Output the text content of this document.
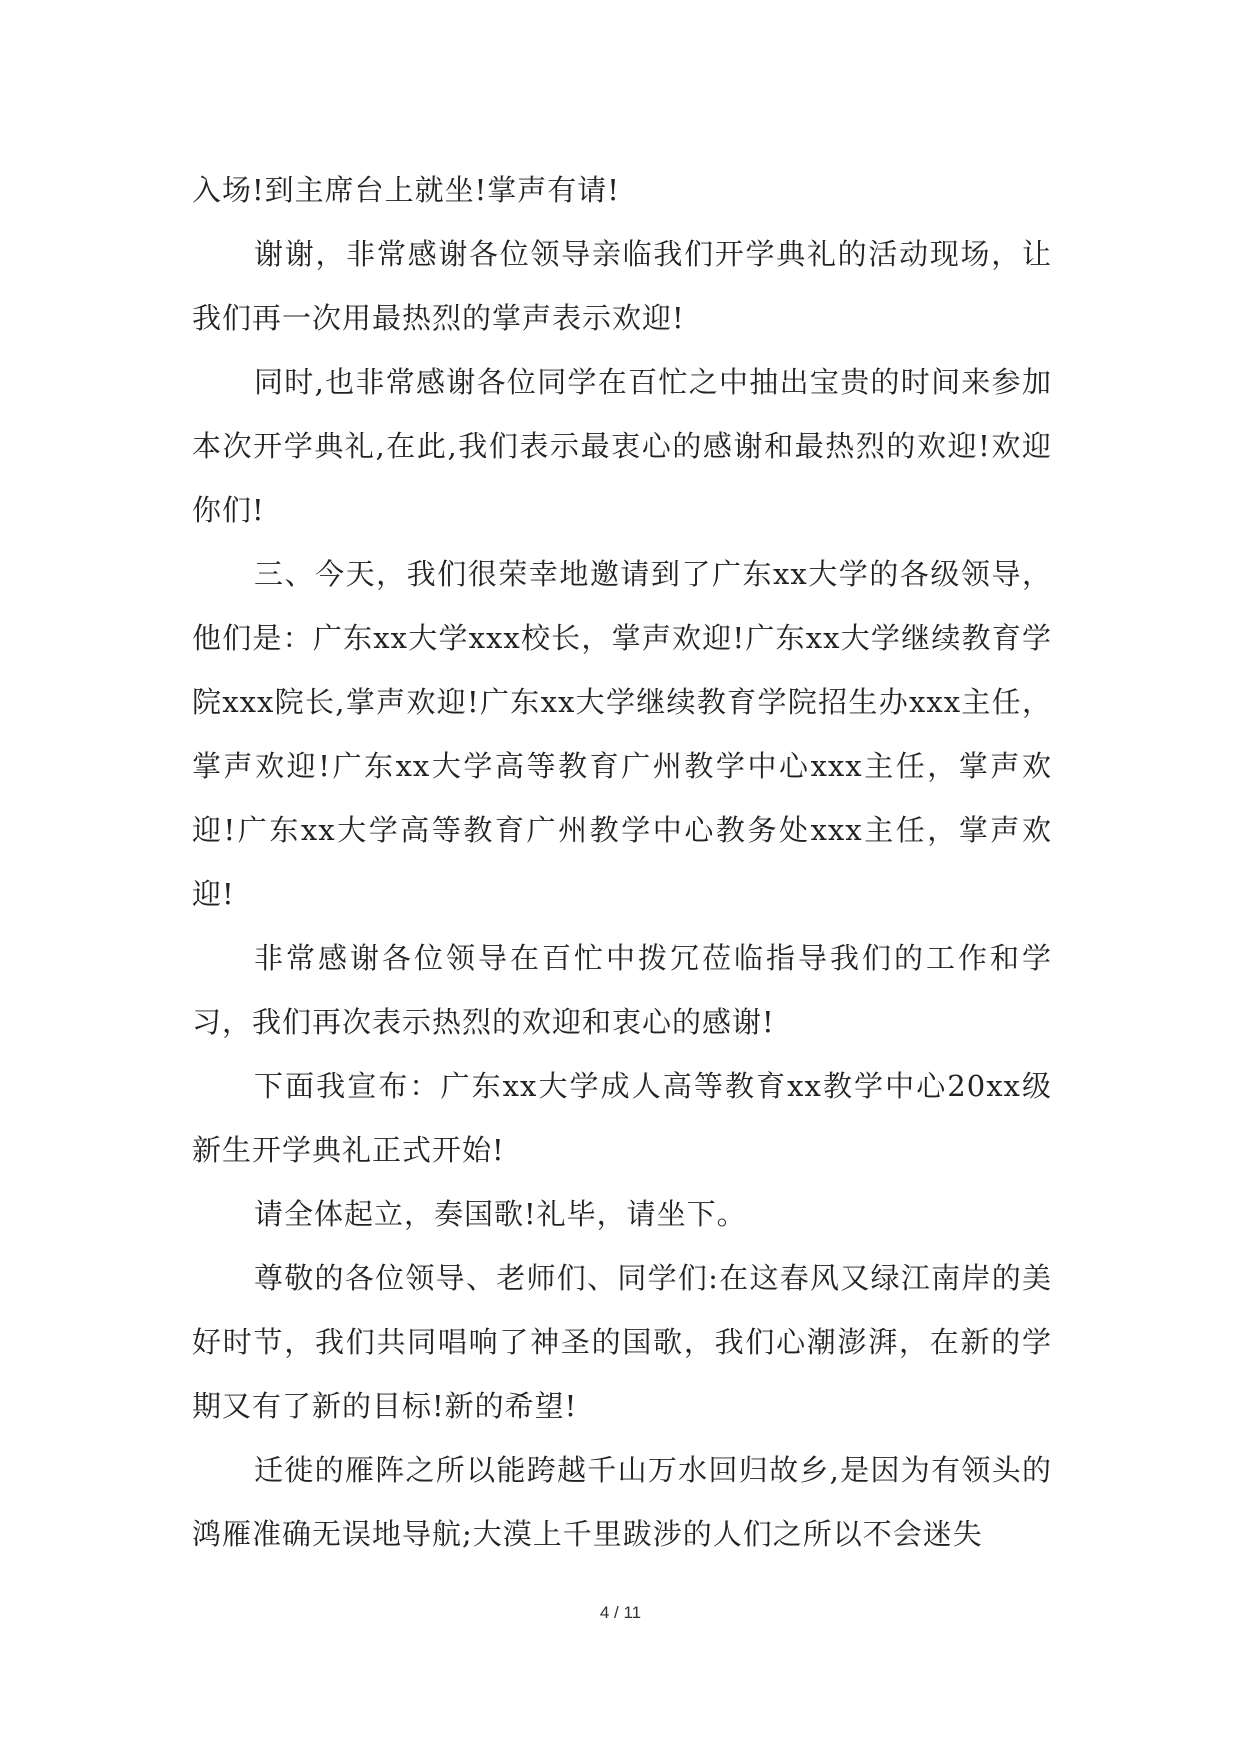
入场!到主席台上就坐!掌声有请!

谢谢，非常感谢各位领导亲临我们开学典礼的活动现场，让我们再一次用最热烈的掌声表示欢迎!

同时,也非常感谢各位同学在百忙之中抽出宝贵的时间来参加本次开学典礼,在此,我们表示最衷心的感谢和最热烈的欢迎!欢迎你们!

三、今天，我们很荣幸地邀请到了广东xx大学的各级领导，他们是：广东xx大学xxx校长，掌声欢迎!广东xx大学继续教育学院xxx院长,掌声欢迎!广东xx大学继续教育学院招生办xxx主任，掌声欢迎!广东xx大学高等教育广州教学中心xxx主任，掌声欢迎!广东xx大学高等教育广州教学中心教务处xxx主任，掌声欢迎!

非常感谢各位领导在百忙中拨冗莅临指导我们的工作和学习，我们再次表示热烈的欢迎和衷心的感谢!

下面我宣布：广东xx大学成人高等教育xx教学中心20xx级新生开学典礼正式开始!

请全体起立，奏国歌!礼毕，请坐下。

尊敬的各位领导、老师们、同学们:在这春风又绿江南岸的美好时节，我们共同唱响了神圣的国歌，我们心潮澎湃，在新的学期又有了新的目标!新的希望!

迁徙的雁阵之所以能跨越千山万水回归故乡,是因为有领头的鸿雁准确无误地导航;大漠上千里跋涉的人们之所以不会迷失

4 / 11
